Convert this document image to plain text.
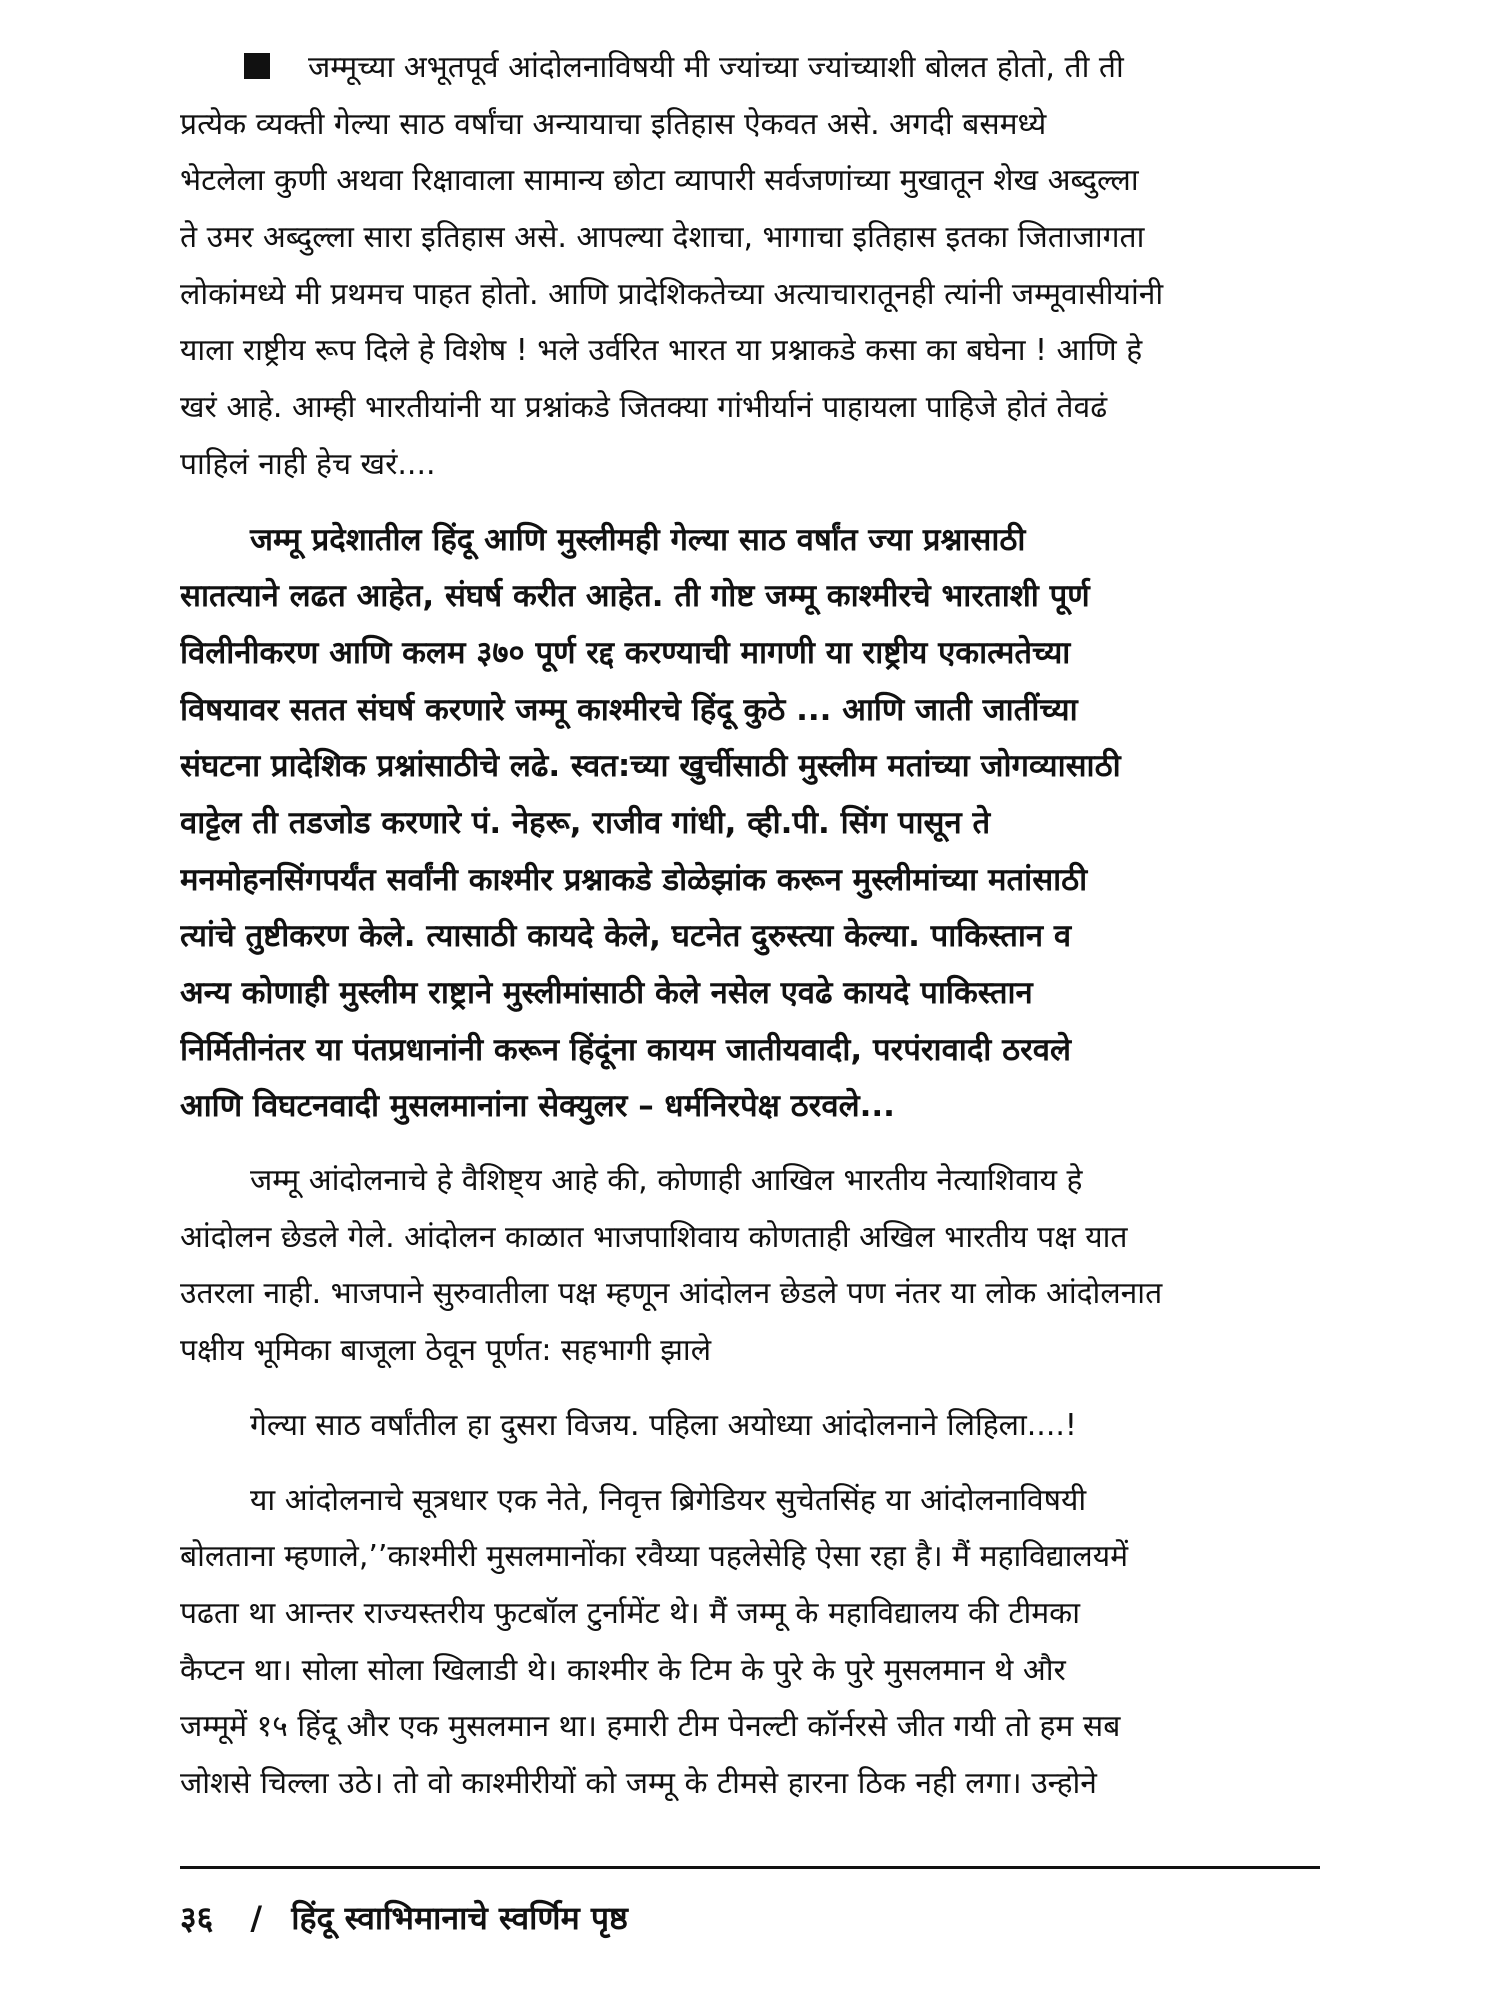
जम्मूच्या अभूतपूर्व आंदोलनाविषयी मी ज्यांच्या ज्यांच्याशी बोलत होतो, ती ती
प्रत्येक व्यक्ती गेल्या साठ वर्षांचा अन्यायाचा इतिहास ऐकवत असे. अगदी बसमध्ये
भेटलेला कुणी अथवा रिक्षावाला सामान्य छोटा व्यापारी सर्वजणांच्या मुखातून शेख अब्दुल्ला
ते उमर अब्दुल्ला सारा इतिहास असे. आपल्या देशाचा, भागाचा इतिहास इतका जिताजागता
लोकांमध्ये मी प्रथमच पाहत होतो. आणि प्रादेशिकतेच्या अत्याचारातूनही त्यांनी जम्मूवासीयांनी
याला राष्ट्रीय रूप दिले हे विशेष ! भले उर्वरित भारत या प्रश्नाकडे कसा का बघेना ! आणि हे
खरं आहे. आम्ही भारतीयांनी या प्रश्नांकडे जितक्या गांभीर्यानं पाहायला पाहिजे होतं तेवढं
पाहिलं नाही हेच खरं....
जम्मू प्रदेशातील हिंदू आणि मुस्लीमही गेल्या साठ वर्षांत ज्या प्रश्नासाठी
सातत्याने लढत आहेत, संघर्ष करीत आहेत. ती गोष्ट जम्मू काश्मीरचे भारताशी पूर्ण
विलीनीकरण आणि कलम ३७० पूर्ण रद्द करण्याची मागणी या राष्ट्रीय एकात्मतेच्या
विषयावर सतत संघर्ष करणारे जम्मू काश्मीरचे हिंदू कुठे ... आणि जाती जातींच्या
संघटना प्रादेशिक प्रश्नांसाठीचे लढे. स्वत:च्या खुर्चीसाठी मुस्लीम मतांच्या जोगव्यासाठी
वाट्टेल ती तडजोड करणारे पं. नेहरू, राजीव गांधी, व्ही.पी. सिंग पासून ते
मनमोहनसिंगपर्यंत सर्वांनी काश्मीर प्रश्नाकडे डोळेझांक करून मुस्लीमांच्या मतांसाठी
त्यांचे तुष्टीकरण केले. त्यासाठी कायदे केले, घटनेत दुरुस्त्या केल्या. पाकिस्तान व
अन्य कोणाही मुस्लीम राष्ट्राने मुस्लीमांसाठी केले नसेल एवढे कायदे पाकिस्तान
निर्मितीनंतर या पंतप्रधानांनी करून हिंदूंना कायम जातीयवादी, परपंरावादी ठरवले
आणि विघटनवादी मुसलमानांना सेक्युलर – धर्मनिरपेक्ष ठरवले...
जम्मू आंदोलनाचे हे वैशिष्ट्य आहे की, कोणाही आखिल भारतीय नेत्याशिवाय हे
आंदोलन छेडले गेले. आंदोलन काळात भाजपाशिवाय कोणताही अखिल भारतीय पक्ष यात
उतरला नाही. भाजपाने सुरुवातीला पक्ष म्हणून आंदोलन छेडले पण नंतर या लोक आंदोलनात
पक्षीय भूमिका बाजूला ठेवून पूर्णत: सहभागी झाले
गेल्या साठ वर्षांतील हा दुसरा विजय. पहिला अयोध्या आंदोलनाने लिहिला....!
या आंदोलनाचे सूत्रधार एक नेते, निवृत्त ब्रिगेडियर सुचेतसिंह या आंदोलनाविषयी
बोलताना म्हणाले,’’काश्मीरी मुसलमानोंका रवैय्या पहलेसेहि ऐसा रहा है। मैं महाविद्यालयमें
पढता था आन्तर राज्यस्तरीय फुटबॉल टुर्नामेंट थे। मैं जम्मू के महाविद्यालय की टीमका
कैप्टन था। सोला सोला खिलाडी थे। काश्मीर के टिम के पुरे के पुरे मुसलमान थे और
जम्मूमें १५ हिंदू और एक मुसलमान था। हमारी टीम पेनल्टी कॉर्नरसे जीत गयी तो हम सब
जोशसे चिल्ला उठे। तो वो काश्मीरीयों को जम्मू के टीमसे हारना ठिक नही लगा। उन्होने
३६ / हिंदू स्वाभिमानाचे स्वर्णिम पृष्ठ
